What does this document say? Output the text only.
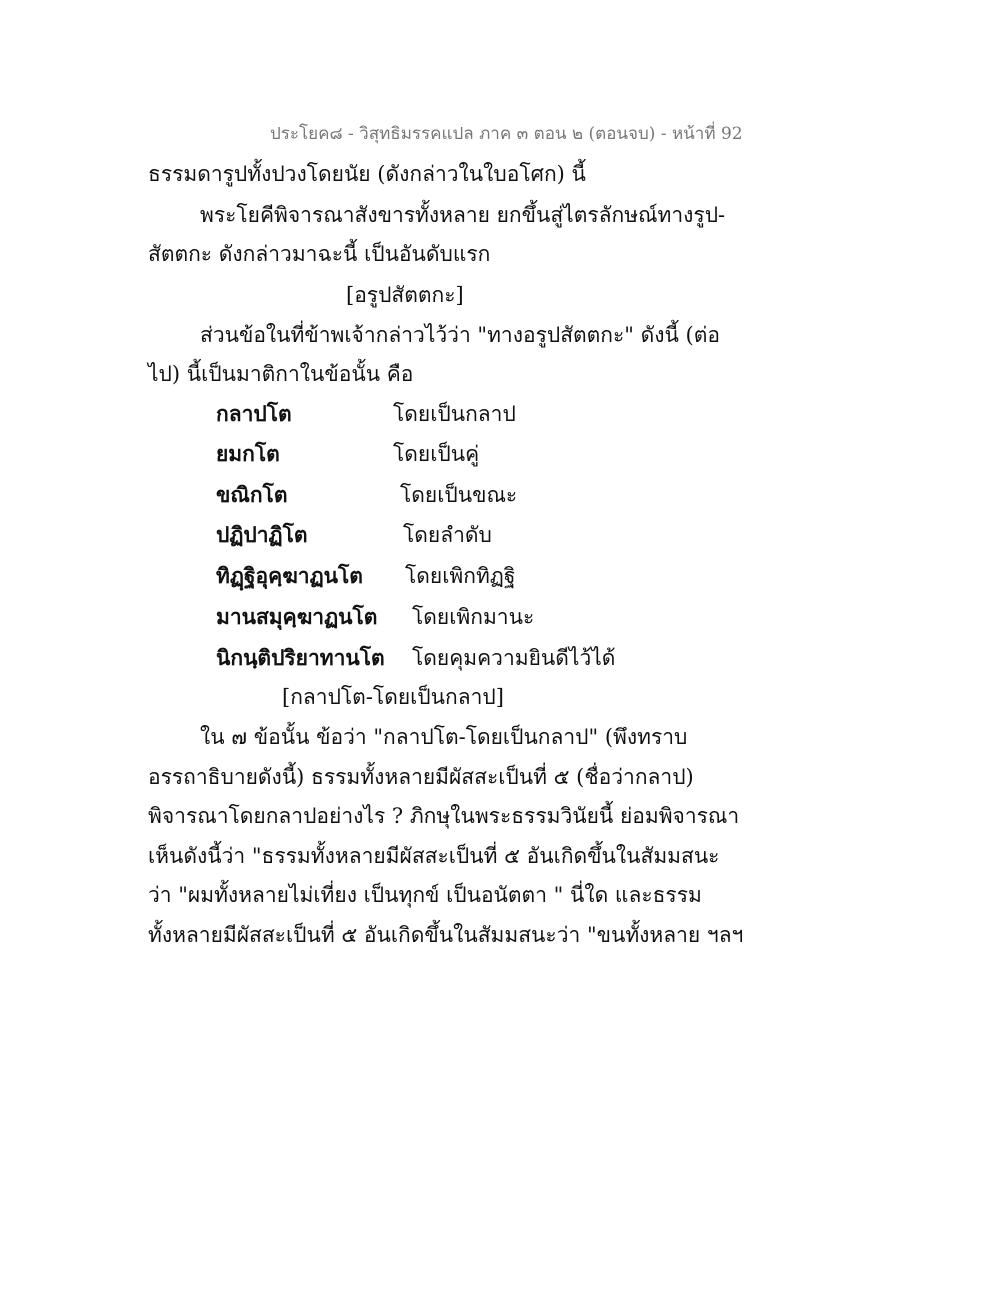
ประโยค๘ - วิสุทธิมรรคแปล ภาค ๓ ตอน ๒ (ตอนจบ) - หน้าที่ 92
ธรรมดารูปทั้งปวงโดยนัย (ดังกล่าวในใบอโศก) นี้
พระโยคีพิจารณาสังขารทั้งหลาย ยกขึ้นสู่ไตรลักษณ์ทางรูป-
สัตตกะ ดังกล่าวมาฉะนี้ เป็นอันดับแรก
[อรูปสัตตกะ]
ส่วนข้อในที่ข้าพเจ้ากล่าวไว้ว่า "ทางอรูปสัตตกะ" ดังนี้ (ต่อ
ไป) นี้เป็นมาติกาในข้อนั้น คือ
กลาปโต	โดยเป็นกลาป
ยมกโต	โดยเป็นคู่
ขณิกโต	โดยเป็นขณะ
ปฏิปาฏิโต	โดยลำดับ
ทิฏฺฐิอุคฺฆาฏนโต โดยเพิกทิฏฐิ
มานสมุคฺฆาฏนโต โดยเพิกมานะ
นิกนฺติปริยาทานโต โดยคุมความยินดีไว้ได้
[กลาปโต-โดยเป็นกลาป]
ใน ๗ ข้อนั้น ข้อว่า "กลาปโต-โดยเป็นกลาป" (พึงทราบ
อรรถาธิบายดังนี้) ธรรมทั้งหลายมีผัสสะเป็นที่ ๕ (ชื่อว่ากลาป)
พิจารณาโดยกลาปอย่างไร ? ภิกษุในพระธรรมวินัยนี้ ย่อมพิจารณา
เห็นดังนี้ว่า "ธรรมทั้งหลายมีผัสสะเป็นที่ ๕ อันเกิดขึ้นในสัมมสนะ
ว่า "ผมทั้งหลายไม่เที่ยง เป็นทุกข์ เป็นอนัตตา " นี่ใด และธรรม
ทั้งหลายมีผัสสะเป็นที่ ๕ อันเกิดขึ้นในสัมมสนะว่า "ขนทั้งหลาย ฯลฯ
